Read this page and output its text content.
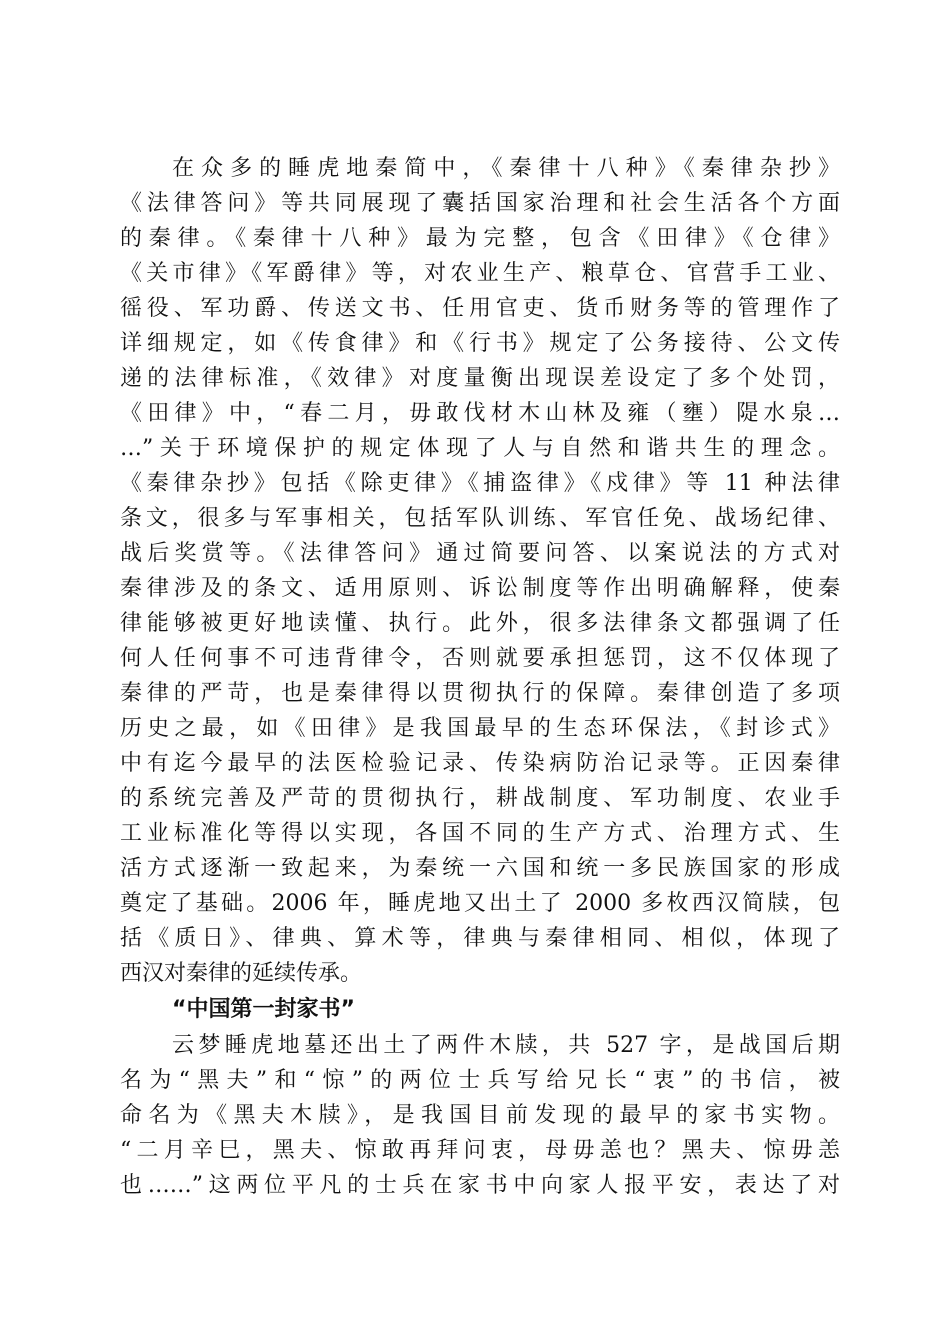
在众多的睡虎地秦简中，《秦律十八种》《秦律杂抄》
《法律答问》等共同展现了囊括国家治理和社会生活各个方面
的秦律。《秦律十八种》最为完整，包含《田律》《仓律》
《关市律》《军爵律》等，对农业生产、粮草仓、官营手工业、
徭役、军功爵、传送文书、任用官吏、货币财务等的管理作了
详细规定，如《传食律》和《行书》规定了公务接待、公文传
递的法律标准，《效律》对度量衡出现误差设定了多个处罚，
《田律》中，“春二月，毋敢伐材木山林及雍（壅）隄水泉…
…”关于环境保护的规定体现了人与自然和谐共生的理念。
《秦律杂抄》包括《除吏律》《捕盗律》《戍律》等 11 种法律
条文，很多与军事相关，包括军队训练、军官任免、战场纪律、
战后奖赏等。《法律答问》通过简要问答、以案说法的方式对
秦律涉及的条文、适用原则、诉讼制度等作出明确解释，使秦
律能够被更好地读懂、执行。此外，很多法律条文都强调了任
何人任何事不可违背律令，否则就要承担惩罚，这不仅体现了
秦律的严苛，也是秦律得以贯彻执行的保障。秦律创造了多项
历史之最，如《田律》是我国最早的生态环保法，《封诊式》
中有迄今最早的法医检验记录、传染病防治记录等。正因秦律
的系统完善及严苛的贯彻执行，耕战制度、军功制度、农业手
工业标准化等得以实现，各国不同的生产方式、治理方式、生
活方式逐渐一致起来，为秦统一六国和统一多民族国家的形成
奠定了基础。2006 年，睡虎地又出土了 2000 多枚西汉简牍，包
括《质日》、律典、算术等，律典与秦律相同、相似，体现了
西汉对秦律的延续传承。
“中国第一封家书”
云梦睡虎地墓还出土了两件木牍，共 527 字，是战国后期
名为“黑夫”和“惊”的两位士兵写给兄长“衷”的书信，被
命名为《黑夫木牍》，是我国目前发现的最早的家书实物。
“二月辛巳，黑夫、惊敢再拜问衷，母毋恙也？黑夫、惊毋恙
也……”这两位平凡的士兵在家书中向家人报平安，表达了对
